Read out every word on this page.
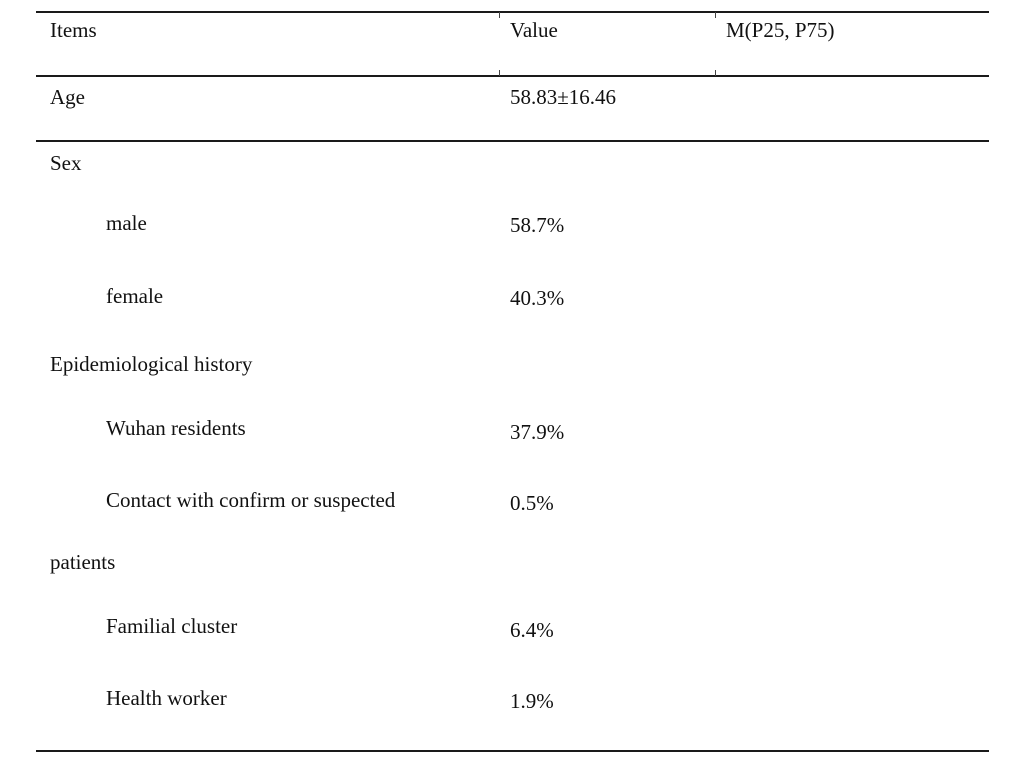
Items	Value	M(P25, P75)
Age	58.83±16.46
Sex
male	58.7%
female	40.3%
Epidemiological history
Wuhan residents	37.9%
Contact with confirm or suspected	0.5%
patients
Familial cluster	6.4%
Health worker	1.9%
